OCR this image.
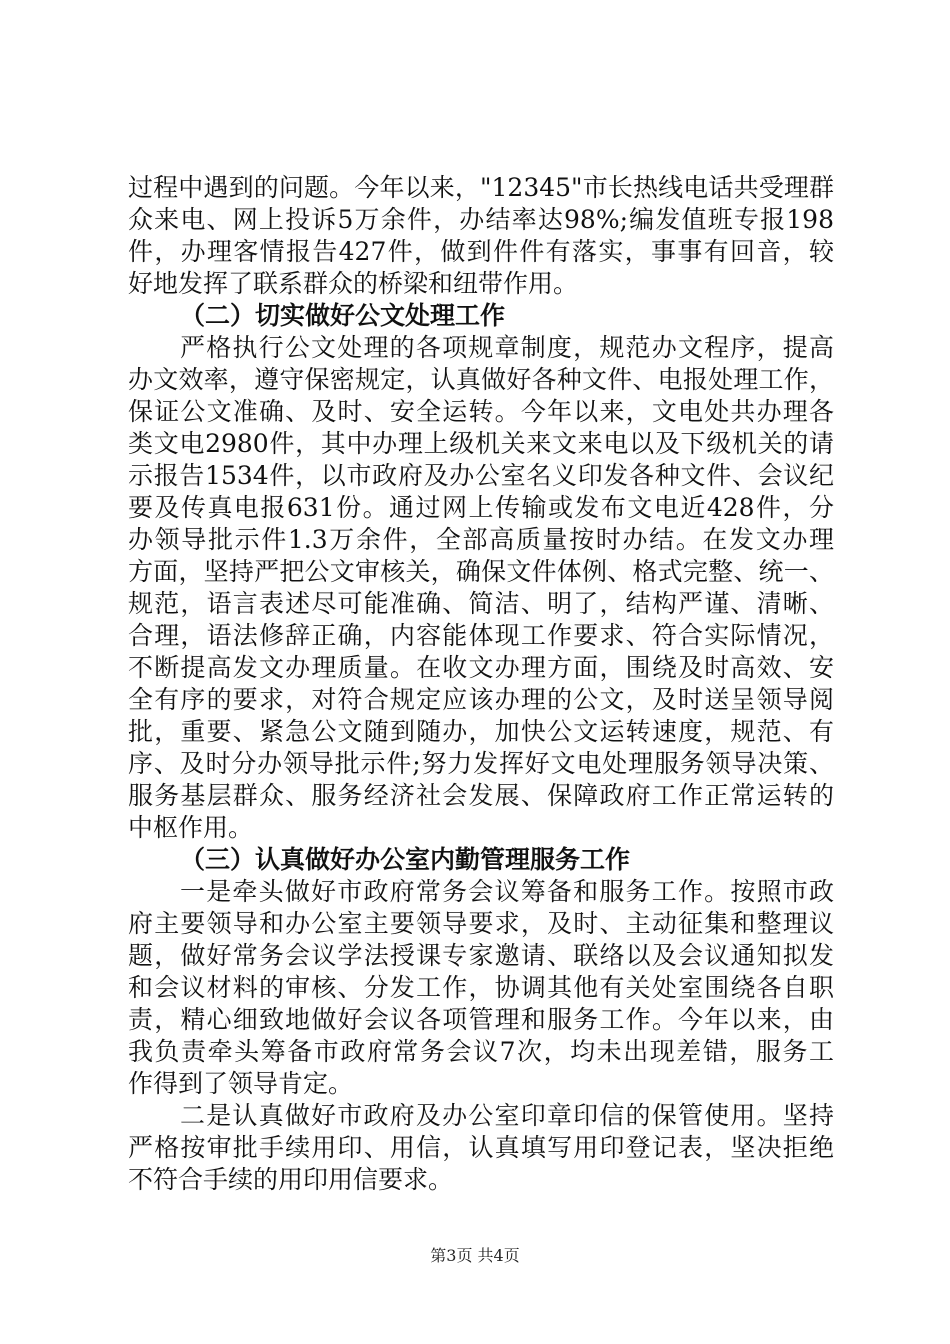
过程中遇到的问题。今年以来，"12345"市长热线电话共受理群
众来电、网上投诉5万余件，办结率达98%;编发值班专报198
件，办理客情报告427件，做到件件有落实，事事有回音，较
好地发挥了联系群众的桥梁和纽带作用。
（二）切实做好公文处理工作
严格执行公文处理的各项规章制度，规范办文程序，提高
办文效率，遵守保密规定，认真做好各种文件、电报处理工作，
保证公文准确、及时、安全运转。今年以来，文电处共办理各
类文电2980件，其中办理上级机关来文来电以及下级机关的请
示报告1534件，以市政府及办公室名义印发各种文件、会议纪
要及传真电报631份。通过网上传输或发布文电近428件，分
办领导批示件1.3万余件，全部高质量按时办结。在发文办理
方面，坚持严把公文审核关，确保文件体例、格式完整、统一、
规范，语言表述尽可能准确、简洁、明了，结构严谨、清晰、
合理，语法修辞正确，内容能体现工作要求、符合实际情况，
不断提高发文办理质量。在收文办理方面，围绕及时高效、安
全有序的要求，对符合规定应该办理的公文，及时送呈领导阅
批，重要、紧急公文随到随办，加快公文运转速度，规范、有
序、及时分办领导批示件;努力发挥好文电处理服务领导决策、
服务基层群众、服务经济社会发展、保障政府工作正常运转的
中枢作用。
（三）认真做好办公室内勤管理服务工作
一是牵头做好市政府常务会议筹备和服务工作。按照市政
府主要领导和办公室主要领导要求，及时、主动征集和整理议
题，做好常务会议学法授课专家邀请、联络以及会议通知拟发
和会议材料的审核、分发工作，协调其他有关处室围绕各自职
责，精心细致地做好会议各项管理和服务工作。今年以来，由
我负责牵头筹备市政府常务会议7次，均未出现差错，服务工
作得到了领导肯定。
二是认真做好市政府及办公室印章印信的保管使用。坚持
严格按审批手续用印、用信，认真填写用印登记表，坚决拒绝
不符合手续的用印用信要求。
第3页 共4页
